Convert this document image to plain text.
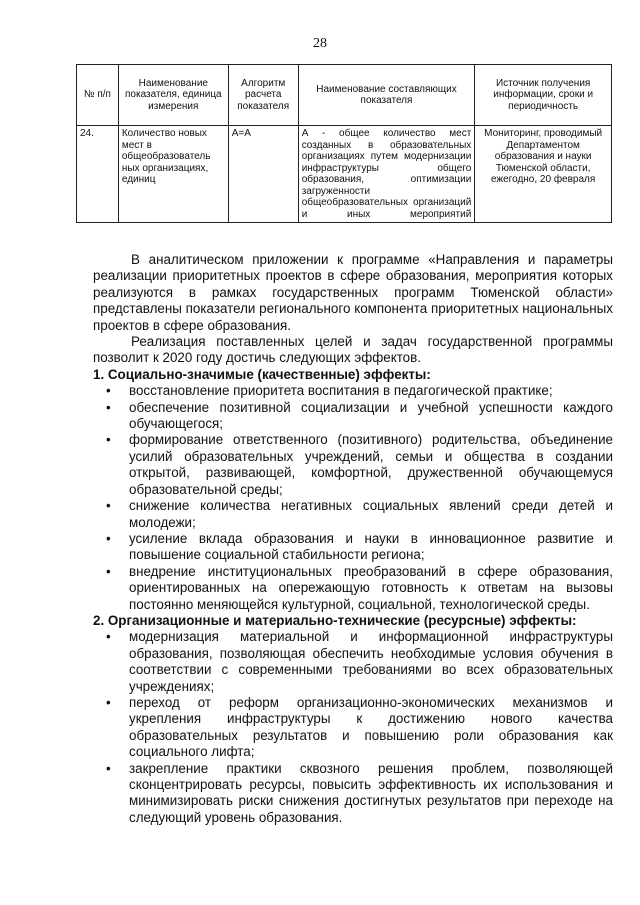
28
№ п/п	Наименование показателя, единица измерения	Алгоритм расчета показателя	Наименование составляющих показателя	Источник получения информации, сроки и периодичность
24.	Количество новых мест в общеобразователь ных организациях, единиц	А=А	А - общее количество мест созданных в образовательных организациях путем модернизации инфраструктуры общего образования, оптимизации загруженности общеобразовательных организаций и иных мероприятий	Мониторинг, проводимый Департаментом образования и науки Тюменской области, ежегодно, 20 февраля

В аналитическом приложении к программе «Направления и параметры реализации приоритетных проектов в сфере образования, мероприятия которых реализуются в рамках государственных программ Тюменской области» представлены показатели регионального компонента приоритетных национальных проектов в сфере образования.

Реализация поставленных целей и задач государственной программы позволит к 2020 году достичь следующих эффектов.

1. Социально-значимые (качественные) эффекты:
• восстановление приоритета воспитания в педагогической практике;
• обеспечение позитивной социализации и учебной успешности каждого обучающегося;
• формирование ответственного (позитивного) родительства, объединение усилий образовательных учреждений, семьи и общества в создании открытой, развивающей, комфортной, дружественной обучающемуся образовательной среды;
• снижение количества негативных социальных явлений среди детей и молодежи;
• усиление вклада образования и науки в инновационное развитие и повышение социальной стабильности региона;
• внедрение институциональных преобразований в сфере образования, ориентированных на опережающую готовность к ответам на вызовы постоянно меняющейся культурной, социальной, технологической среды.
2. Организационные и материально-технические (ресурсные) эффекты:
• модернизация материальной и информационной инфраструктуры образования, позволяющая обеспечить необходимые условия обучения в соответствии с современными требованиями во всех образовательных учреждениях;
• переход от реформ организационно-экономических механизмов и укрепления инфраструктуры к достижению нового качества образовательных результатов и повышению роли образования как социального лифта;
• закрепление практики сквозного решения проблем, позволяющей сконцентрировать ресурсы, повысить эффективность их использования и минимизировать риски снижения достигнутых результатов при переходе на следующий уровень образования.
